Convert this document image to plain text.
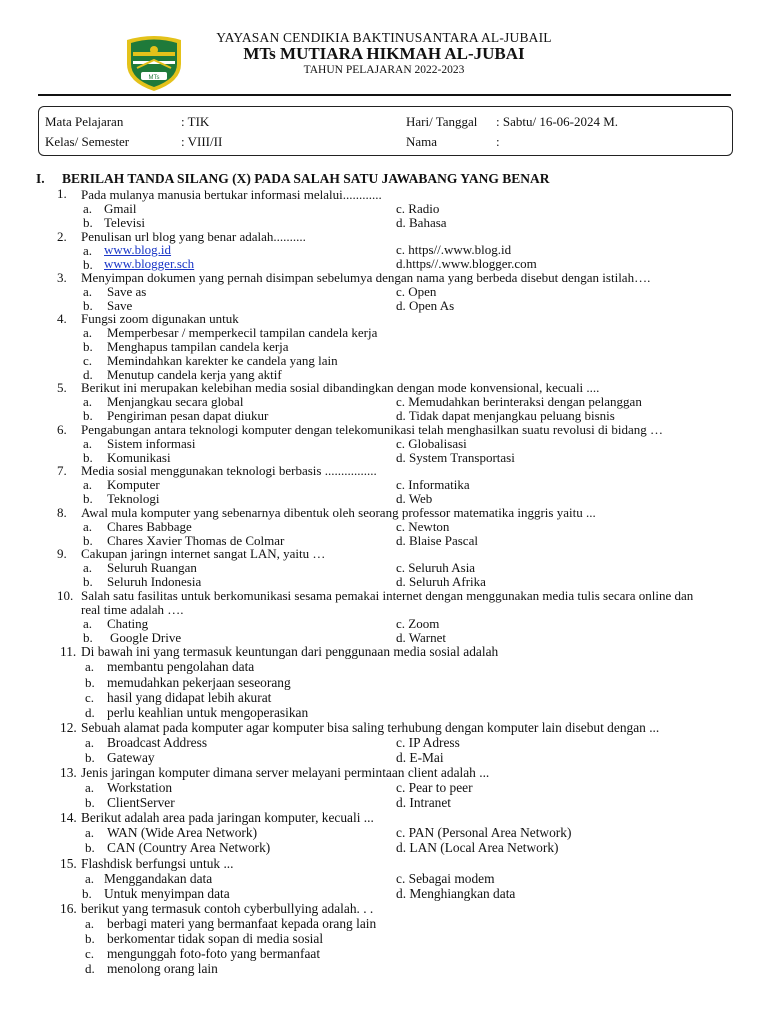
MTs
YAYASAN CENDIKIA BAKTINUSANTARA AL-JUBAIL
MTs MUTIARA HIKMAH AL-JUBAI
TAHUN PELAJARAN 2022-2023
Mata Pelajaran	: TIK
Kelas/ Semester	: VIII/II
Hari/ Tanggal : Sabtu/ 16-06-2024 M.
Nama	:
I. BERILAH TANDA SILANG (X) PADA SALAH SATU JAWABANG YANG BENAR
1. Pada mulanya manusia bertukar informasi melalui............
a. Gmail
b. Televisi
c. Radio
d. Bahasa
2. Penulisan url blog yang benar adalah..........
a. www.blog.id
b. www.blogger.sch
c. https//.www.blog.id
d.https//.www.blogger.com
3. Menyimpan dokumen yang pernah disimpan sebelumya dengan nama yang berbeda disebut dengan istilah….
a. Save as
b. Save
c. Open
d. Open As
4. Fungsi zoom digunakan untuk
a. Memperbesar / memperkecil tampilan candela kerja
b. Menghapus tampilan candela kerja
c. Memindahkan karekter ke candela yang lain
d. Menutup candela kerja yang aktif
5. Berikut ini merupakan kelebihan media sosial dibandingkan dengan mode konvensional, kecuali ....
a. Menjangkau secara global
b. Pengiriman pesan dapat diukur
c. Memudahkan berinteraksi dengan pelanggan
d. Tidak dapat menjangkau peluang bisnis
6. Pengabungan antara teknologi komputer dengan telekomunikasi telah menghasilkan suatu revolusi di bidang …
a. Sistem informasi
b. Komunikasi
c. Globalisasi
d. System Transportasi
7. Media sosial menggunakan teknologi berbasis ................
a. Komputer
b. Teknologi
c. Informatika
d. Web
8. Awal mula komputer yang sebenarnya dibentuk oleh seorang professor matematika inggris yaitu ...
a. Chares Babbage
b. Chares Xavier Thomas de Colmar
c. Newton
d. Blaise Pascal
9. Cakupan jaringn internet sangat LAN, yaitu …
a. Seluruh Ruangan
b. Seluruh Indonesia
c. Seluruh Asia
d. Seluruh Afrika
10. Salah satu fasilitas untuk berkomunikasi sesama pemakai internet dengan menggunakan media tulis secara online dan
real time adalah ….
a. Chating
b. Google Drive
c. Zoom
d. Warnet
11. Di bawah ini yang termasuk keuntungan dari penggunaan media sosial adalah
a. membantu pengolahan data
b. memudahkan pekerjaan seseorang
c. hasil yang didapat lebih akurat
d. perlu keahlian untuk mengoperasikan
12. Sebuah alamat pada komputer agar komputer bisa saling terhubung dengan komputer lain disebut dengan ...
a. Broadcast Address
b. Gateway
c. IP Adress
d. E-Mai
13. Jenis jaringan komputer dimana server melayani permintaan client adalah ...
a. Workstation
b. ClientServer
c. Pear to peer
d. Intranet
14. Berikut adalah area pada jaringan komputer, kecuali ...
a. WAN (Wide Area Network)
b. CAN (Country Area Network)
c. PAN (Personal Area Network)
d. LAN (Local Area Network)
15. Flashdisk berfungsi untuk ...
a. Menggandakan data
b. Untuk menyimpan data
c. Sebagai modem
d. Menghiangkan data
16. berikut yang termasuk contoh cyberbullying adalah. . .
a. berbagi materi yang bermanfaat kepada orang lain
b. berkomentar tidak sopan di media sosial
c. mengunggah foto-foto yang bermanfaat
d. menolong orang lain
